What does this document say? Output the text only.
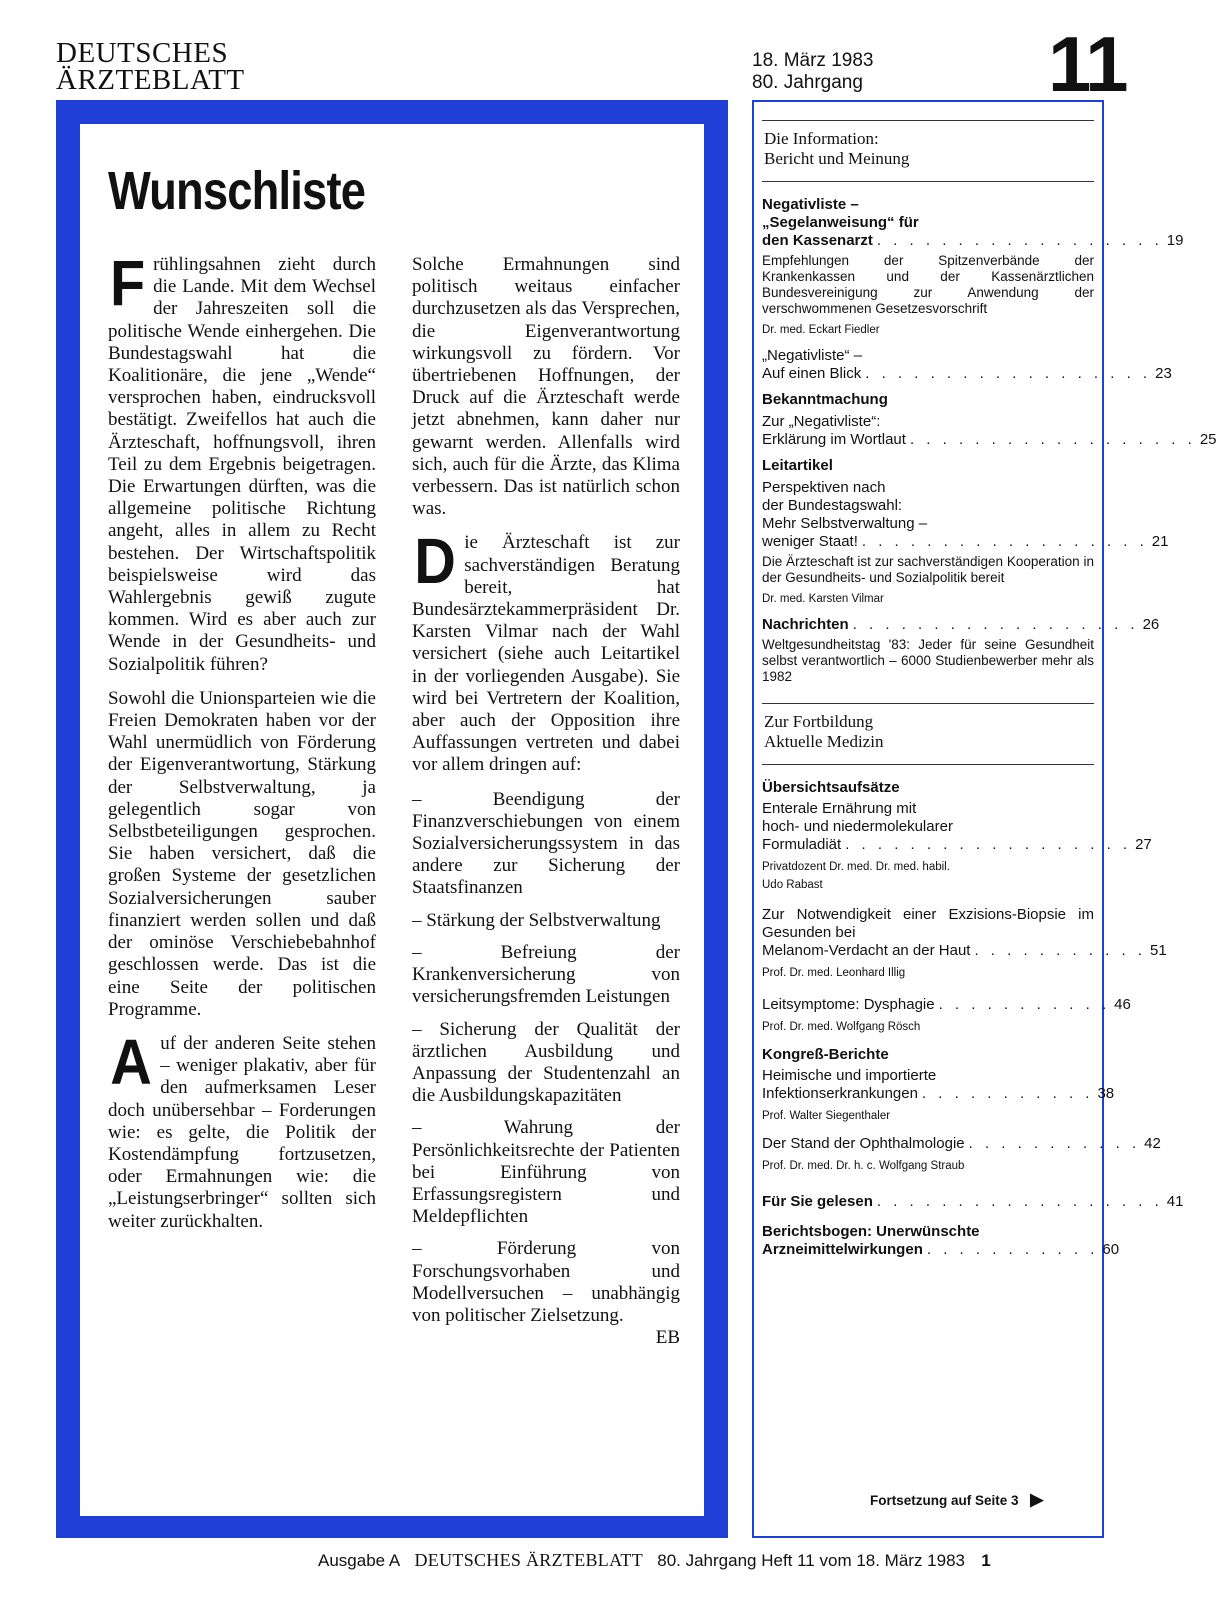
DEUTSCHES
ÄRZTEBLATT
18. März 1983
80. Jahrgang 11
Wunschliste

Frühlingsahnen zieht durch die Lande. Mit dem Wechsel der Jahreszeiten soll die politische Wende einhergehen. Die Bundestagswahl hat die Koalitionäre, die jene „Wende“ versprochen haben, eindrucksvoll bestätigt. Zweifellos hat auch die Ärzteschaft, hoffnungsvoll, ihren Teil zu dem Ergebnis beigetragen. Die Erwartungen dürften, was die allgemeine politische Richtung angeht, alles in allem zu Recht bestehen. Der Wirtschaftspolitik beispielsweise wird das Wahlergebnis gewiß zugute kommen. Wird es aber auch zur Wende in der Gesundheits- und Sozialpolitik führen?

Sowohl die Unionsparteien wie die Freien Demokraten haben vor der Wahl unermüdlich von Förderung der Eigenverantwortung, Stärkung der Selbstverwaltung, ja gelegentlich sogar von Selbstbeteiligungen gesprochen. Sie haben versichert, daß die großen Systeme der gesetzlichen Sozialversicherungen sauber finanziert werden sollen und daß der ominöse Verschiebebahnhof geschlossen werde. Das ist die eine Seite der politischen Programme.

Auf der anderen Seite stehen – weniger plakativ, aber für den aufmerksamen Leser doch unübersehbar – Forderungen wie: es gelte, die Politik der Kostendämpfung fortzusetzen, oder Ermahnungen wie: die „Leistungserbringer“ sollten sich weiter zurückhalten.

Solche Ermahnungen sind politisch weitaus einfacher durchzusetzen als das Versprechen, die Eigenverantwortung wirkungsvoll zu fördern. Vor übertriebenen Hoffnungen, der Druck auf die Ärzteschaft werde jetzt abnehmen, kann daher nur gewarnt werden. Allenfalls wird sich, auch für die Ärzte, das Klima verbessern. Das ist natürlich schon was.

Die Ärzteschaft ist zur sachverständigen Beratung bereit, hat Bundesärztekammerpräsident Dr. Karsten Vilmar nach der Wahl versichert (siehe auch Leitartikel in der vorliegenden Ausgabe). Sie wird bei Vertretern der Koalition, aber auch der Opposition ihre Auffassungen vertreten und dabei vor allem dringen auf:

– Beendigung der Finanzverschiebungen von einem Sozialversicherungssystem in das andere zur Sicherung der Staatsfinanzen
– Stärkung der Selbstverwaltung
– Befreiung der Krankenversicherung von versicherungsfremden Leistungen
– Sicherung der Qualität der ärztlichen Ausbildung und Anpassung der Studentenzahl an die Ausbildungskapazitäten
– Wahrung der Persönlichkeitsrechte der Patienten bei Einführung von Erfassungsregistern und Meldepflichten
– Förderung von Forschungsvorhaben und Modellversuchen – unabhängig von politischer Zielsetzung.
EB
Die Information:
Bericht und Meinung
Negativliste –
„Segelanweisung“ für
den Kassenarzt . . . . . . . . . . . . . . . . . . 19
Empfehlungen der Spitzenverbände der Krankenkassen und der Kassenärztlichen Bundesvereinigung zur Anwendung der verschwommenen Gesetzesvorschrift
Dr. med. Eckart Fiedler
„Negativliste“ –
Auf einen Blick . . . . . . . . . . . . . . . . . . 23
Bekanntmachung
Zur „Negativliste“:
Erklärung im Wortlaut . . . . . . . . . . . . . . . . . . 25
Leitartikel
Perspektiven nach
der Bundestagswahl:
Mehr Selbstverwaltung –
weniger Staat! . . . . . . . . . . . . . . . . . . 21
Die Ärzteschaft ist zur sachverständigen Kooperation in der Gesundheits- und Sozialpolitik bereit
Dr. med. Karsten Vilmar
Nachrichten . . . . . . . . . . . . . . . . . . 26
Weltgesundheitstag '83: Jeder für seine Gesundheit selbst verantwortlich – 6000 Studienbewerber mehr als 1982
Zur Fortbildung
Aktuelle Medizin
Übersichtsaufsätze
Enterale Ernährung mit
hoch- und niedermolekularer
Formuladiät . . . . . . . . . . . . . . . . . . 27
Privatdozent Dr. med. Dr. med. habil.
Udo Rabast
Zur Notwendigkeit einer Exzisions-Biopsie im Gesunden bei
Melanom-Verdacht an der Haut . . . . . . . . . . . 51
Prof. Dr. med. Leonhard Illig
Leitsymptome: Dysphagie . . . . . . . . . . . 46
Prof. Dr. med. Wolfgang Rösch
Kongreß-Berichte
Heimische und importierte
Infektionserkrankungen . . . . . . . . . . . 38
Prof. Walter Siegenthaler
Der Stand der Ophthalmologie . . . . . . . . . . . 42
Prof. Dr. med. Dr. h. c. Wolfgang Straub
Für Sie gelesen . . . . . . . . . . . . . . . . . . 41
Berichtsbogen: Unerwünschte
Arzneimittelwirkungen . . . . . . . . . . . 60
Fortsetzung auf Seite 3 ▶
Ausgabe A DEUTSCHES ÄRZTEBLATT 80. Jahrgang Heft 11 vom 18. März 1983 1
